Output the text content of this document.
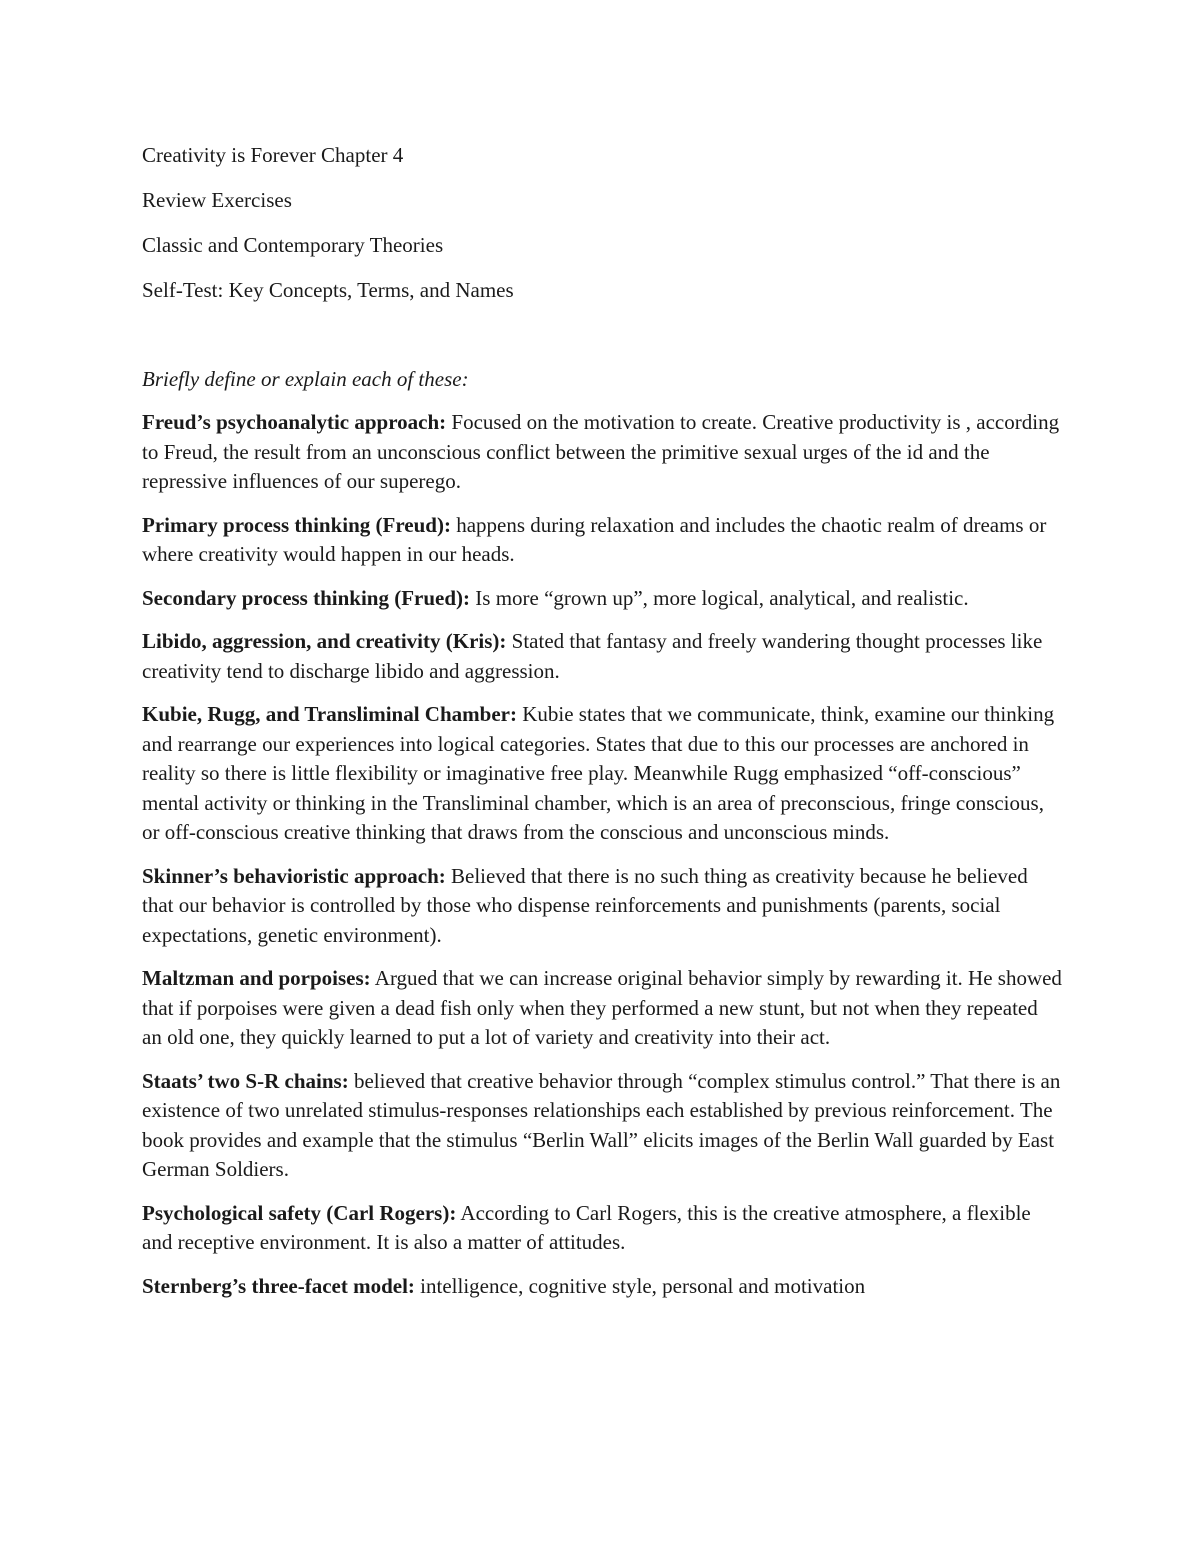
Creativity is Forever Chapter 4

Review Exercises

Classic and Contemporary Theories

Self-Test: Key Concepts, Terms, and Names

Briefly define or explain each of these:

Freud’s psychoanalytic approach: Focused on the motivation to create. Creative productivity is , according to Freud, the result from an unconscious conflict between the primitive sexual urges of the id and the repressive influences of our superego.

Primary process thinking (Freud): happens during relaxation and includes the chaotic realm of dreams or where creativity would happen in our heads.

Secondary process thinking (Frued): Is more “grown up”, more logical, analytical, and realistic.

Libido, aggression, and creativity (Kris): Stated that fantasy and freely wandering thought processes like creativity tend to discharge libido and aggression.

Kubie, Rugg, and Transliminal Chamber: Kubie states that we communicate, think, examine our thinking and rearrange our experiences into logical categories. States that due to this our processes are anchored in reality so there is little flexibility or imaginative free play. Meanwhile Rugg emphasized “off-conscious” mental activity or thinking in the Transliminal chamber, which is an area of preconscious, fringe conscious, or off-conscious creative thinking that draws from the conscious and unconscious minds.

Skinner’s behavioristic approach: Believed that there is no such thing as creativity because he believed that our behavior is controlled by those who dispense reinforcements and punishments (parents, social expectations, genetic environment).

Maltzman and porpoises: Argued that we can increase original behavior simply by rewarding it. He showed that if porpoises were given a dead fish only when they performed a new stunt, but not when they repeated an old one, they quickly learned to put a lot of variety and creativity into their act.

Staats’ two S-R chains: believed that creative behavior through “complex stimulus control.” That there is an existence of two unrelated stimulus-responses relationships each established by previous reinforcement. The book provides and example that the stimulus “Berlin Wall” elicits images of the Berlin Wall guarded by East German Soldiers.

Psychological safety (Carl Rogers): According to Carl Rogers, this is the creative atmosphere, a flexible and receptive environment. It is also a matter of attitudes.

Sternberg’s three-facet model: intelligence, cognitive style, personal and motivation
